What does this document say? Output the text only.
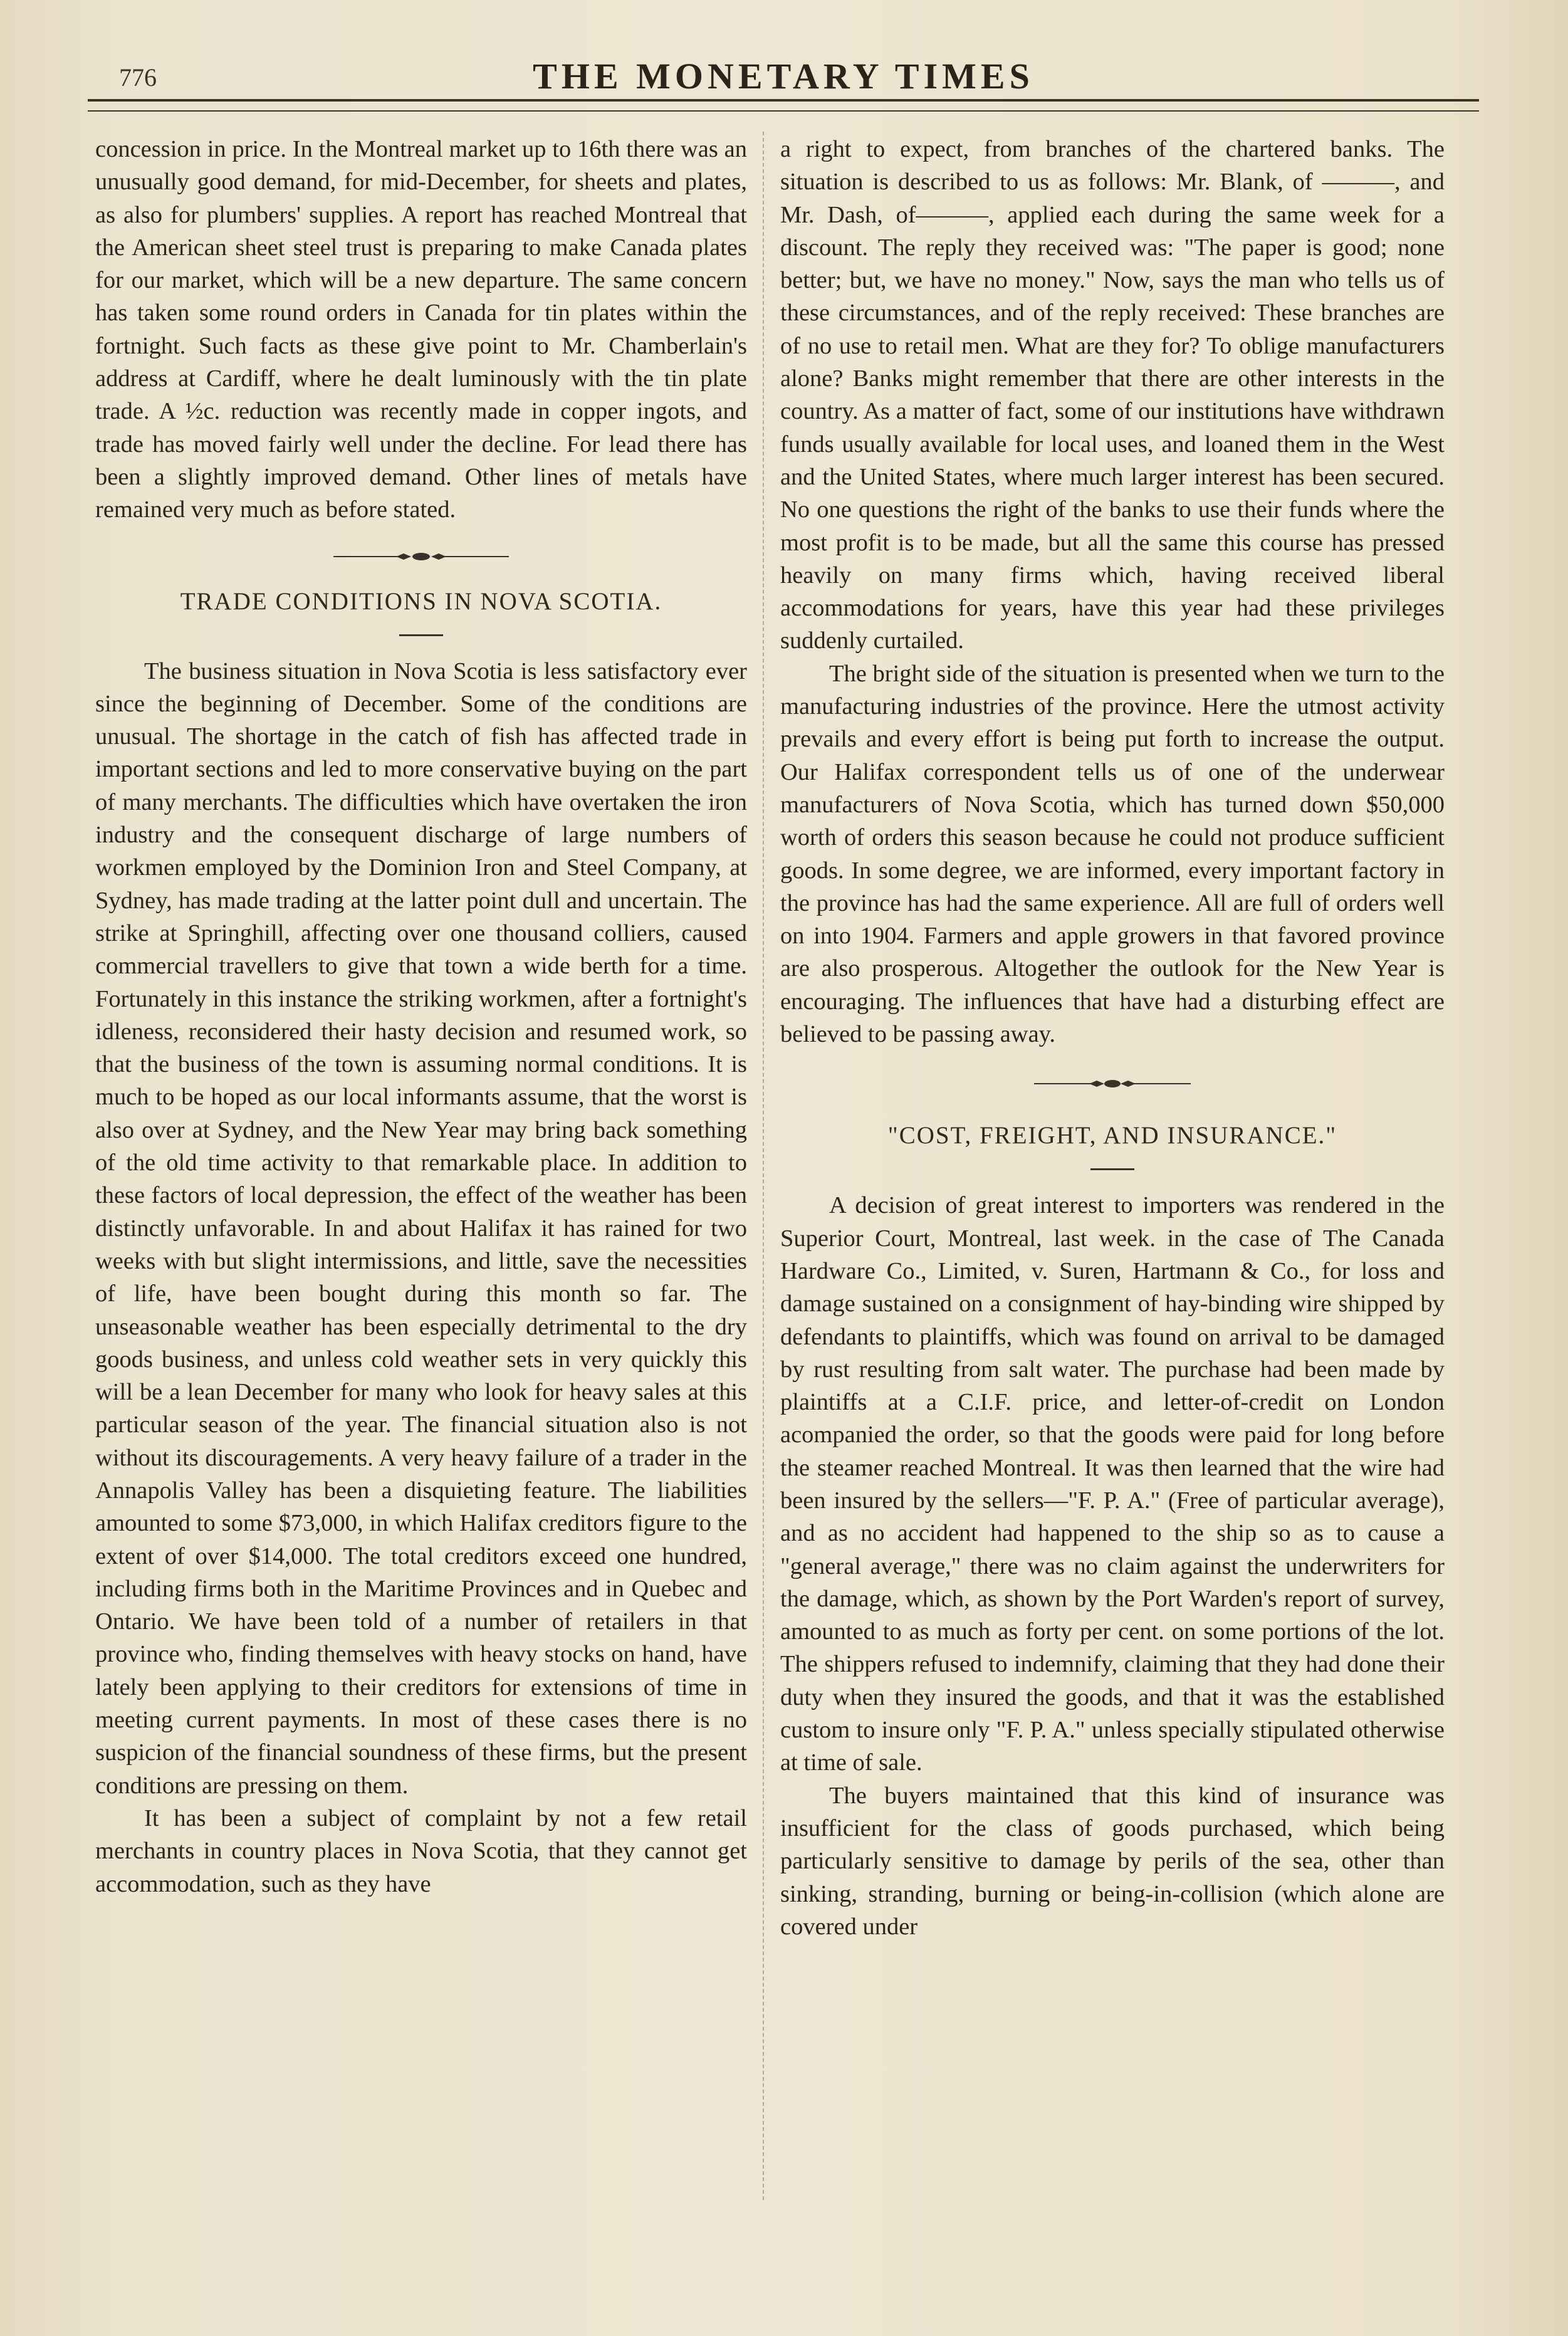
776	THE MONETARY TIMES

concession in price. In the Montreal market up to 16th there was an unusually good demand, for mid-December, for sheets and plates, as also for plumbers' supplies. A report has reached Montreal that the American sheet steel trust is preparing to make Canada plates for our market, which will be a new departure. The same concern has taken some round orders in Canada for tin plates within the fortnight. Such facts as these give point to Mr. Chamberlain's address at Cardiff, where he dealt luminously with the tin plate trade. A ½c. reduction was recently made in copper ingots, and trade has moved fairly well under the decline. For lead there has been a slightly improved demand. Other lines of metals have remained very much as before stated.

TRADE CONDITIONS IN NOVA SCOTIA.

The business situation in Nova Scotia is less satisfactory ever since the beginning of December. Some of the conditions are unusual. The shortage in the catch of fish has affected trade in important sections and led to more conservative buying on the part of many merchants. The difficulties which have overtaken the iron industry and the consequent discharge of large numbers of workmen employed by the Dominion Iron and Steel Company, at Sydney, has made trading at the latter point dull and uncertain. The strike at Springhill, affecting over one thousand colliers, caused commercial travellers to give that town a wide berth for a time. Fortunately in this instance the striking workmen, after a fortnight's idleness, reconsidered their hasty decision and resumed work, so that the business of the town is assuming normal conditions. It is much to be hoped as our local informants assume, that the worst is also over at Sydney, and the New Year may bring back something of the old time activity to that remarkable place. In addition to these factors of local depression, the effect of the weather has been distinctly unfavorable. In and about Halifax it has rained for two weeks with but slight intermissions, and little, save the necessities of life, have been bought during this month so far. The unseasonable weather has been especially detrimental to the dry goods business, and unless cold weather sets in very quickly this will be a lean December for many who look for heavy sales at this particular season of the year. The financial situation also is not without its discouragements. A very heavy failure of a trader in the Annapolis Valley has been a disquieting feature. The liabilities amounted to some $73,000, in which Halifax creditors figure to the extent of over $14,000. The total creditors exceed one hundred, including firms both in the Maritime Provinces and in Quebec and Ontario. We have been told of a number of retailers in that province who, finding themselves with heavy stocks on hand, have lately been applying to their creditors for extensions of time in meeting current payments. In most of these cases there is no suspicion of the financial soundness of these firms, but the present conditions are pressing on them.

It has been a subject of complaint by not a few retail merchants in country places in Nova Scotia, that they cannot get accommodation, such as they have

a right to expect, from branches of the chartered banks. The situation is described to us as follows: Mr. Blank, of ———, and Mr. Dash, of———, applied each during the same week for a discount. The reply they received was: "The paper is good; none better; but, we have no money." Now, says the man who tells us of these circumstances, and of the reply received: These branches are of no use to retail men. What are they for? To oblige manufacturers alone? Banks might remember that there are other interests in the country. As a matter of fact, some of our institutions have withdrawn funds usually available for local uses, and loaned them in the West and the United States, where much larger interest has been secured. No one questions the right of the banks to use their funds where the most profit is to be made, but all the same this course has pressed heavily on many firms which, having received liberal accommodations for years, have this year had these privileges suddenly curtailed.

The bright side of the situation is presented when we turn to the manufacturing industries of the province. Here the utmost activity prevails and every effort is being put forth to increase the output. Our Halifax correspondent tells us of one of the underwear manufacturers of Nova Scotia, which has turned down $50,000 worth of orders this season because he could not produce sufficient goods. In some degree, we are informed, every important factory in the province has had the same experience. All are full of orders well on into 1904. Farmers and apple growers in that favored province are also prosperous. Altogether the outlook for the New Year is encouraging. The influences that have had a disturbing effect are believed to be passing away.

"COST, FREIGHT, AND INSURANCE."

A decision of great interest to importers was rendered in the Superior Court, Montreal, last week. in the case of The Canada Hardware Co., Limited, v. Suren, Hartmann & Co., for loss and damage sustained on a consignment of hay-binding wire shipped by defendants to plaintiffs, which was found on arrival to be damaged by rust resulting from salt water. The purchase had been made by plaintiffs at a C.I.F. price, and letter-of-credit on London acompanied the order, so that the goods were paid for long before the steamer reached Montreal. It was then learned that the wire had been insured by the sellers—"F. P. A." (Free of particular average), and as no accident had happened to the ship so as to cause a "general average," there was no claim against the underwriters for the damage, which, as shown by the Port Warden's report of survey, amounted to as much as forty per cent. on some portions of the lot. The shippers refused to indemnify, claiming that they had done their duty when they insured the goods, and that it was the established custom to insure only "F. P. A." unless specially stipulated otherwise at time of sale.

The buyers maintained that this kind of insurance was insufficient for the class of goods purchased, which being particularly sensitive to damage by perils of the sea, other than sinking, stranding, burning or being-in-collision (which alone are covered under
